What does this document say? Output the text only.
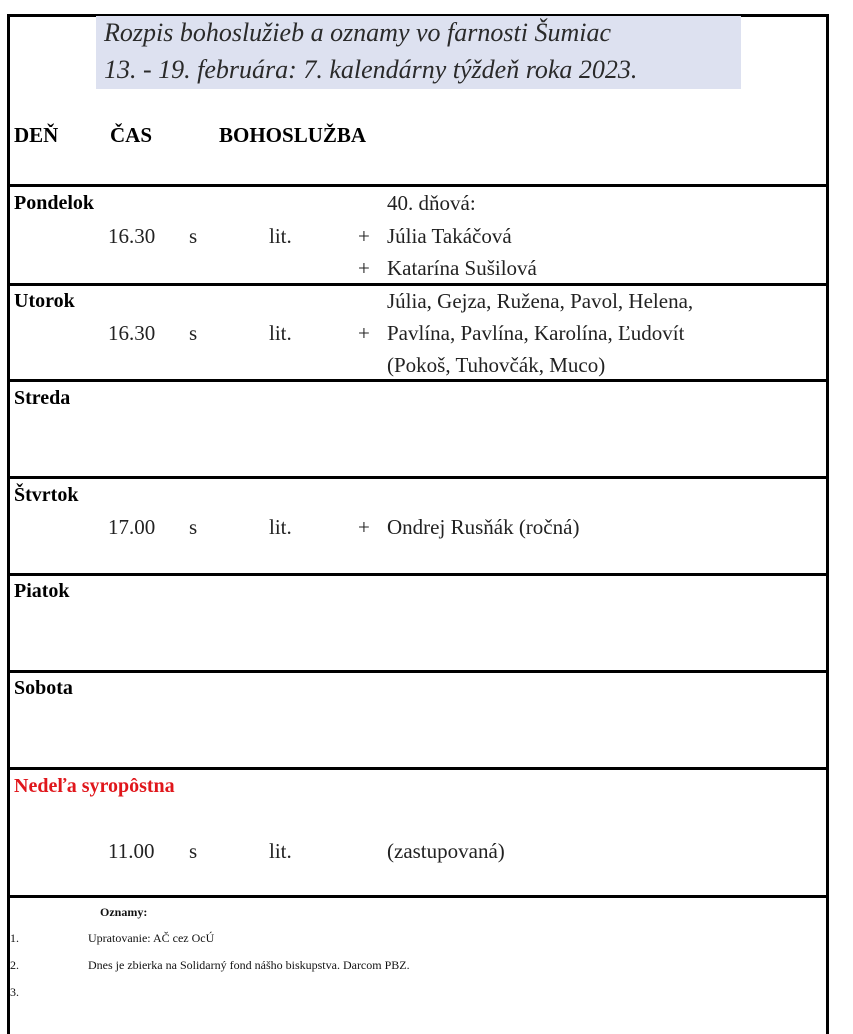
Rozpis bohoslužieb a oznamy vo farnosti Šumiac
13. - 19. februára: 7. kalendárny týždeň roka 2023.
DEŇ ČAS	BOHOSLUŽBA
Pondelok	40. dňová:
16.30 s	lit.	+ Júlia Takáčová
+ Katarína Sušilová
Utorok	Júlia, Gejza, Ružena, Pavol, Helena,
16.30 s	lit.	+ Pavlína, Pavlína, Karolína, Ľudovít
(Pokoš, Tuhovčák, Muco)
Streda
Štvrtok
17.00 s	lit.	+ Ondrej Rusňák (ročná)
Piatok
Sobota
Nedeľa syropôstna
11.00 s	lit.	(zastupovaná)
Oznamy:
1.	Upratovanie: AČ cez OcÚ
2.	Dnes je zbierka na Solidarný fond nášho biskupstva. Darcom PBZ.
3.
